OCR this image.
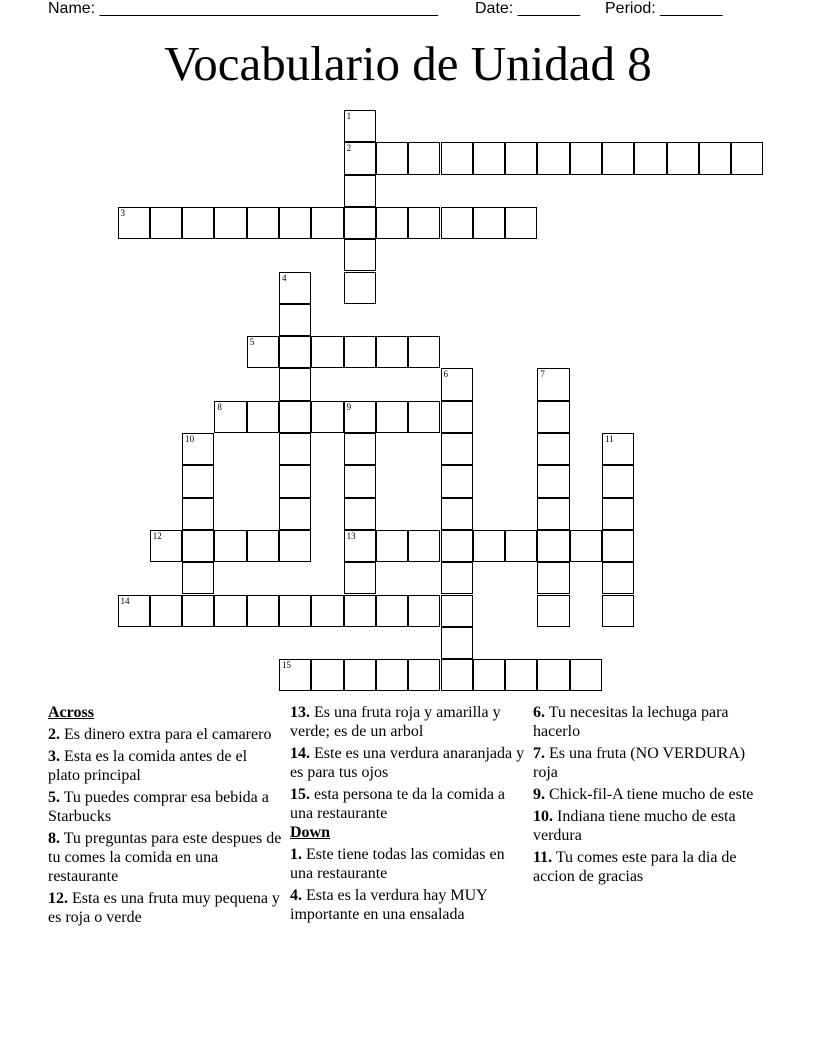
Name: ______________________________________ Date: _______ Period: _______
Vocabulario de Unidad 8
2
3
5
8	9
12	13
14
15
1
4
6	7
10	11
Across
2. Es dinero extra para el camarero
3. Esta es la comida antes de el plato principal
5. Tu puedes comprar esa bebida a Starbucks
8. Tu preguntas para este despues de tu comes la comida en una restaurante
12. Esta es una fruta muy pequena y es roja o verde
13. Es una fruta roja y amarilla y verde; es de un arbol
14. Este es una verdura anaranjada y es para tus ojos
15. esta persona te da la comida a una restaurante
Down
1. Este tiene todas las comidas en una restaurante
4. Esta es la verdura hay MUY importante en una ensalada
6. Tu necesitas la lechuga para hacerlo
7. Es una fruta (NO VERDURA) roja
9. Chick-fil-A tiene mucho de este
10. Indiana tiene mucho de esta verdura
11. Tu comes este para la dia de accion de gracias
